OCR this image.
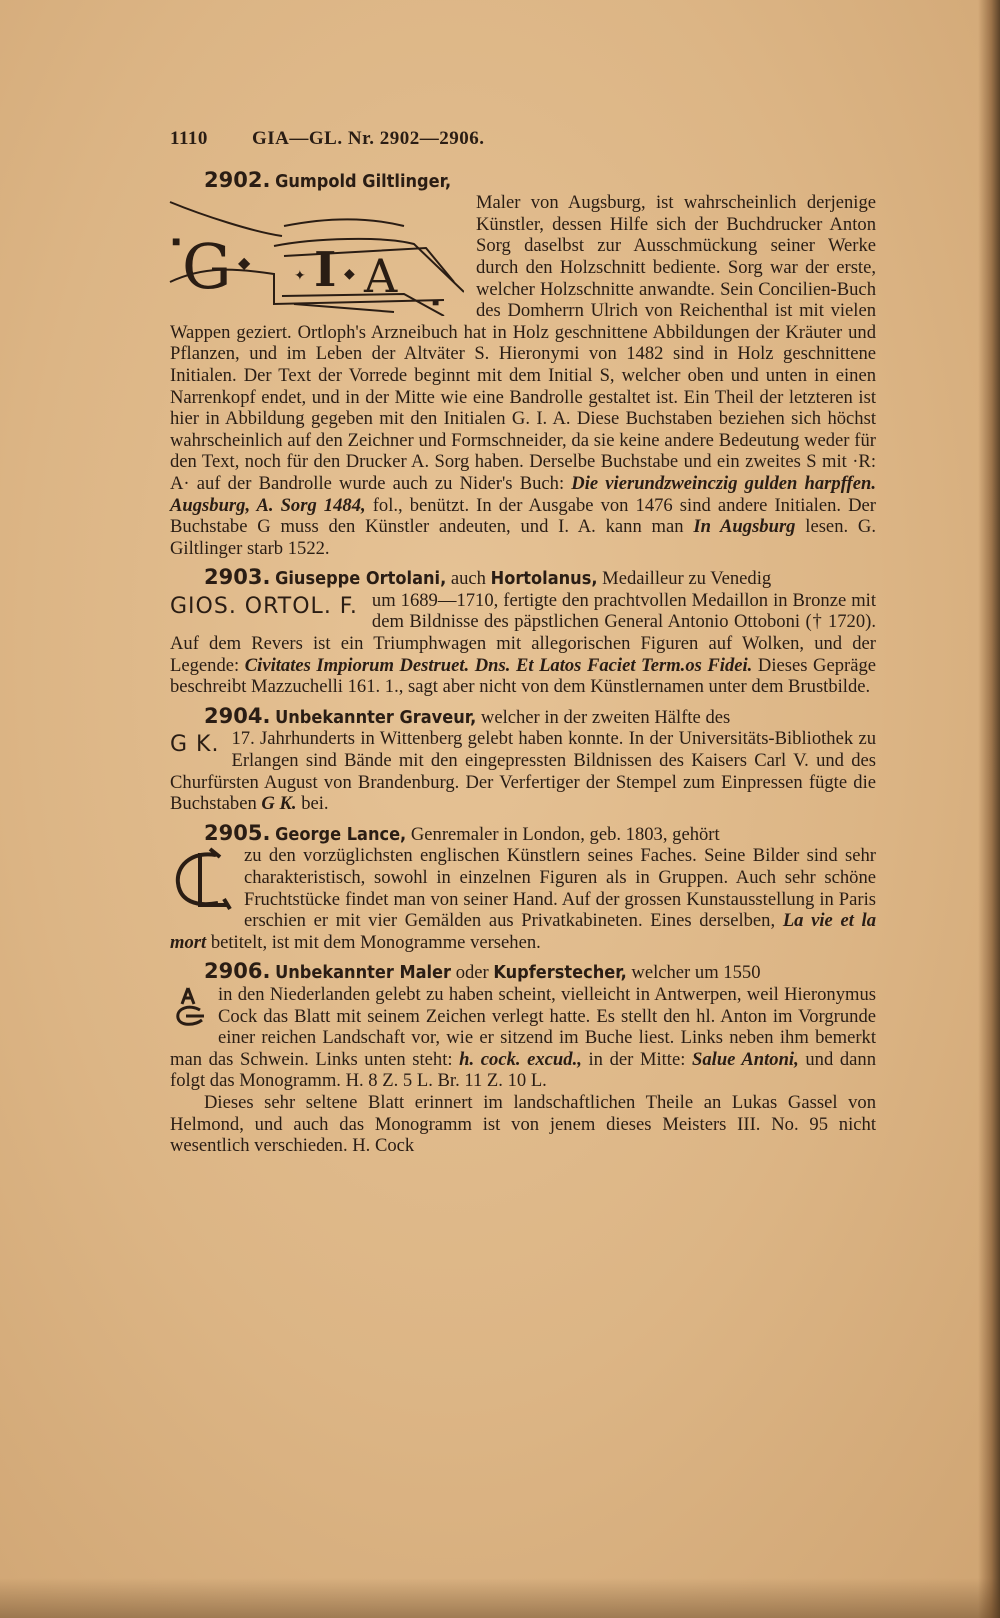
1110	GIA—GL. Nr. 2902—2906.

2902. Gumpold Giltlinger,

G ◆ I
✦	◆ A
■
■

Maler von Augsburg, ist wahrscheinlich derjenige Künstler, dessen Hilfe sich der Buchdrucker Anton Sorg daselbst zur Ausschmückung seiner Werke durch den Holzschnitt bediente. Sorg war der erste, welcher Holzschnitte anwandte. Sein Concilien-Buch des Domherrn Ulrich von Reichenthal ist mit vielen Wappen geziert. Ortloph's Arzneibuch hat in Holz geschnittene Abbildungen der Kräuter und Pflanzen, und im Leben der Altväter S. Hieronymi von 1482 sind in Holz geschnittene Initialen. Der Text der Vorrede beginnt mit dem Initial S, welcher oben und unten in einen Narrenkopf endet, und in der Mitte wie eine Bandrolle gestaltet ist. Ein Theil der letzteren ist hier in Abbildung gegeben mit den Initialen G. I. A. Diese Buchstaben beziehen sich höchst wahrscheinlich auf den Zeichner und Formschneider, da sie keine andere Bedeutung weder für den Text, noch für den Drucker A. Sorg haben. Derselbe Buchstabe und ein zweites S mit ·R: A· auf der Bandrolle wurde auch zu Nider's Buch: Die vierundzweinczig gulden harpffen. Augsburg, A. Sorg 1484, fol., benützt. In der Ausgabe von 1476 sind andere Initialen. Der Buchstabe G muss den Künstler andeuten, und I. A. kann man In Augsburg lesen. G. Giltlinger starb 1522.

2903. Giuseppe Ortolani, auch Hortolanus, Medailleur zu Venedig

GIOS. ORTOL. F. um 1689—1710, fertigte den prachtvollen Medaillon in Bronze mit dem Bildnisse des päpstlichen General Antonio Ottoboni († 1720). Auf dem Revers ist ein Triumphwagen mit allegorischen Figuren auf Wolken, und der Legende: Civitates Impiorum Destruet. Dns. Et Latos Faciet Term.os Fidei. Dieses Gepräge beschreibt Mazzuchelli 161. 1., sagt aber nicht von dem Künstlernamen unter dem Brustbilde.

2904. Unbekannter Graveur, welcher in der zweiten Hälfte des

G K. 17. Jahrhunderts in Wittenberg gelebt haben konnte. In der Universitäts-Bibliothek zu Erlangen sind Bände mit den eingepressten Bildnissen des Kaisers Carl V. und des Churfürsten August von Brandenburg. Der Verfertiger der Stempel zum Einpressen fügte die Buchstaben G K. bei.

2905. George Lance, Genremaler in London, geb. 1803, gehört

zu den vorzüglichsten englischen Künstlern seines Faches. Seine Bilder sind sehr charakteristisch, sowohl in einzelnen Figuren als in Gruppen. Auch sehr schöne Fruchtstücke findet man von seiner Hand. Auf der grossen Kunstausstellung in Paris erschien er mit vier Gemälden aus Privatkabineten. Eines derselben, La vie et la mort betitelt, ist mit dem Monogramme versehen.

2906. Unbekannter Maler oder Kupferstecher, welcher um 1550

in den Niederlanden gelebt zu haben scheint, vielleicht in Antwerpen, weil Hieronymus Cock das Blatt mit seinem Zeichen verlegt hatte. Es stellt den hl. Anton im Vorgrunde einer reichen Landschaft vor, wie er sitzend im Buche liest. Links neben ihm bemerkt man das Schwein. Links unten steht: h. cock. excud., in der Mitte: Salue Antoni, und dann folgt das Monogramm. H. 8 Z. 5 L. Br. 11 Z. 10 L.

Dieses sehr seltene Blatt erinnert im landschaftlichen Theile an Lukas Gassel von Helmond, und auch das Monogramm ist von jenem dieses Meisters III. No. 95 nicht wesentlich verschieden. H. Cock
